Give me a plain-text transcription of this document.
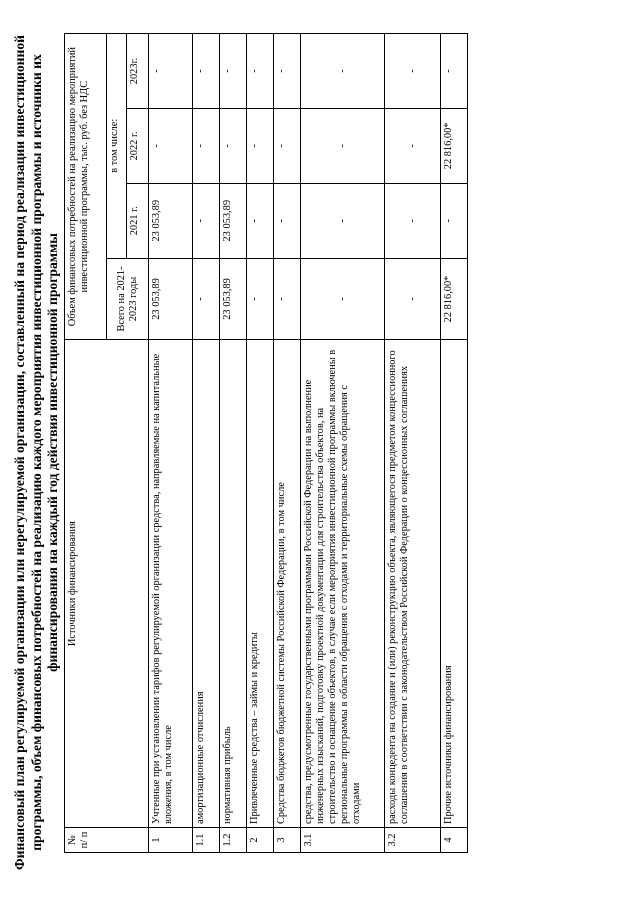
Финансовый план регулируемой организации или нерегулируемой организации, составленный на период реализации инвестиционной программы, объем финансовых потребностей на реализацию каждого мероприятия инвестиционной программы и источники их финансирования на каждый год действия инвестиционной программы
№ п/ п	Источники финансирования	Объем финансовых потребностей на реализацию мероприятий инвестиционной программы, тыс. руб. без НДС			
		Всего на 2021-2023 годы	в том числе:		
			2021 г.	2022 г.	2023г.
1	Учтенные при установлении тарифов регулируемой организации средства, направляемые на капитальные вложения, в том числе	23 053,89	23 053,89	-	-
1.1	амортизационные отчисления	-	-	-	-
1.2	нормативная прибыль	23 053,89	23 053,89	-	-
2	Привлеченные средства – займы и кредиты	-	-	-	-
3	Средства бюджетов бюджетной системы Российской Федерации, в том числе	-	-	-	-
3.1	средства, предусмотренные государственными программами Российской Федерации на выполнение инженерных изысканий, подготовку проектной документации для строительства объектов, на строительство и оснащение объектов, в случае если мероприятия инвестиционной программы включены в региональные программы в области обращения с отходами и территориальные схемы обращения с отходами	-	-	-	-
3.2	расходы концедента на создание и (или) реконструкцию объекта, являющегося предметом концессионного соглашения в соответствии с законодательством Российской Федерации о концессионных соглашениях	-	-	-	-
4	Прочие источники финансирования	22 816,00*	-	22 816,00*	-
